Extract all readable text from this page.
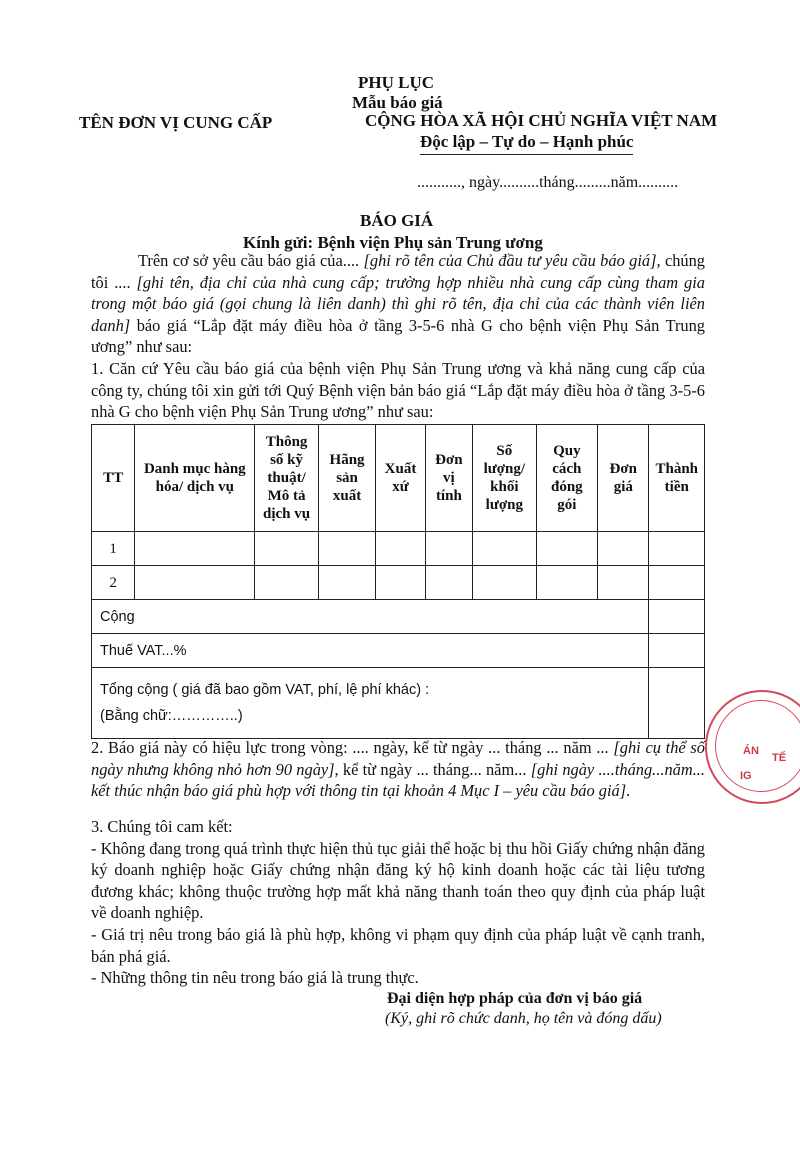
PHỤ LỤC
Mẫu báo giá
TÊN ĐƠN VỊ CUNG CẤP	CỘNG HÒA XÃ HỘI CHỦ NGHĨA VIỆT NAM
Độc lập – Tự do – Hạnh phúc
..........., ngày..........tháng.........năm..........
BÁO GIÁ
Kính gửi: Bệnh viện Phụ sản Trung ương

Trên cơ sở yêu cầu báo giá của.... [ghi rõ tên của Chủ đầu tư yêu cầu báo giá], chúng tôi .... [ghi tên, địa chỉ của nhà cung cấp; trường hợp nhiều nhà cung cấp cùng tham gia trong một báo giá (gọi chung là liên danh) thì ghi rõ tên, địa chỉ của các thành viên liên danh] báo giá “Lắp đặt máy điều hòa ở tầng 3-5-6 nhà G cho bệnh viện Phụ Sản Trung ương” như sau:

1. Căn cứ Yêu cầu báo giá của bệnh viện Phụ Sản Trung ương và khả năng cung cấp của công ty, chúng tôi xin gửi tới Quý Bệnh viện bản báo giá “Lắp đặt máy điều hòa ở tầng 3-5-6 nhà G cho bệnh viện Phụ Sản Trung ương” như sau:

TT	Danh mục hàng hóa/ dịch vụ	Thông số kỹ thuật/ Mô tả dịch vụ	Hãng sản xuất	Xuất xứ	Đơn vị tính	Số lượng/ khối lượng	Quy cách đóng gói	Đơn giá	Thành tiền
1									
2									
Cộng									
Thuế VAT...%									

Tổng cộng ( giá đã bao gồm VAT, phí, lệ phí khác) :
(Bằng chữ:…………..)									

ÁN
IG
TẾ

2. Báo giá này có hiệu lực trong vòng: .... ngày, kể từ ngày ... tháng ... năm ... [ghi cụ thể số ngày nhưng không nhỏ hơn 90 ngày], kể từ ngày ... tháng... năm... [ghi ngày ....tháng...năm... kết thúc nhận báo giá phù hợp với thông tin tại khoản 4 Mục I – yêu cầu báo giá].

3. Chúng tôi cam kết:

- Không đang trong quá trình thực hiện thủ tục giải thể hoặc bị thu hồi Giấy chứng nhận đăng ký doanh nghiệp hoặc Giấy chứng nhận đăng ký hộ kinh doanh hoặc các tài liệu tương đương khác; không thuộc trường hợp mất khả năng thanh toán theo quy định của pháp luật về doanh nghiệp.

- Giá trị nêu trong báo giá là phù hợp, không vi phạm quy định của pháp luật về cạnh tranh, bán phá giá.

- Những thông tin nêu trong báo giá là trung thực.

Đại diện hợp pháp của đơn vị báo giá
(Ký, ghi rõ chức danh, họ tên và đóng dấu)
